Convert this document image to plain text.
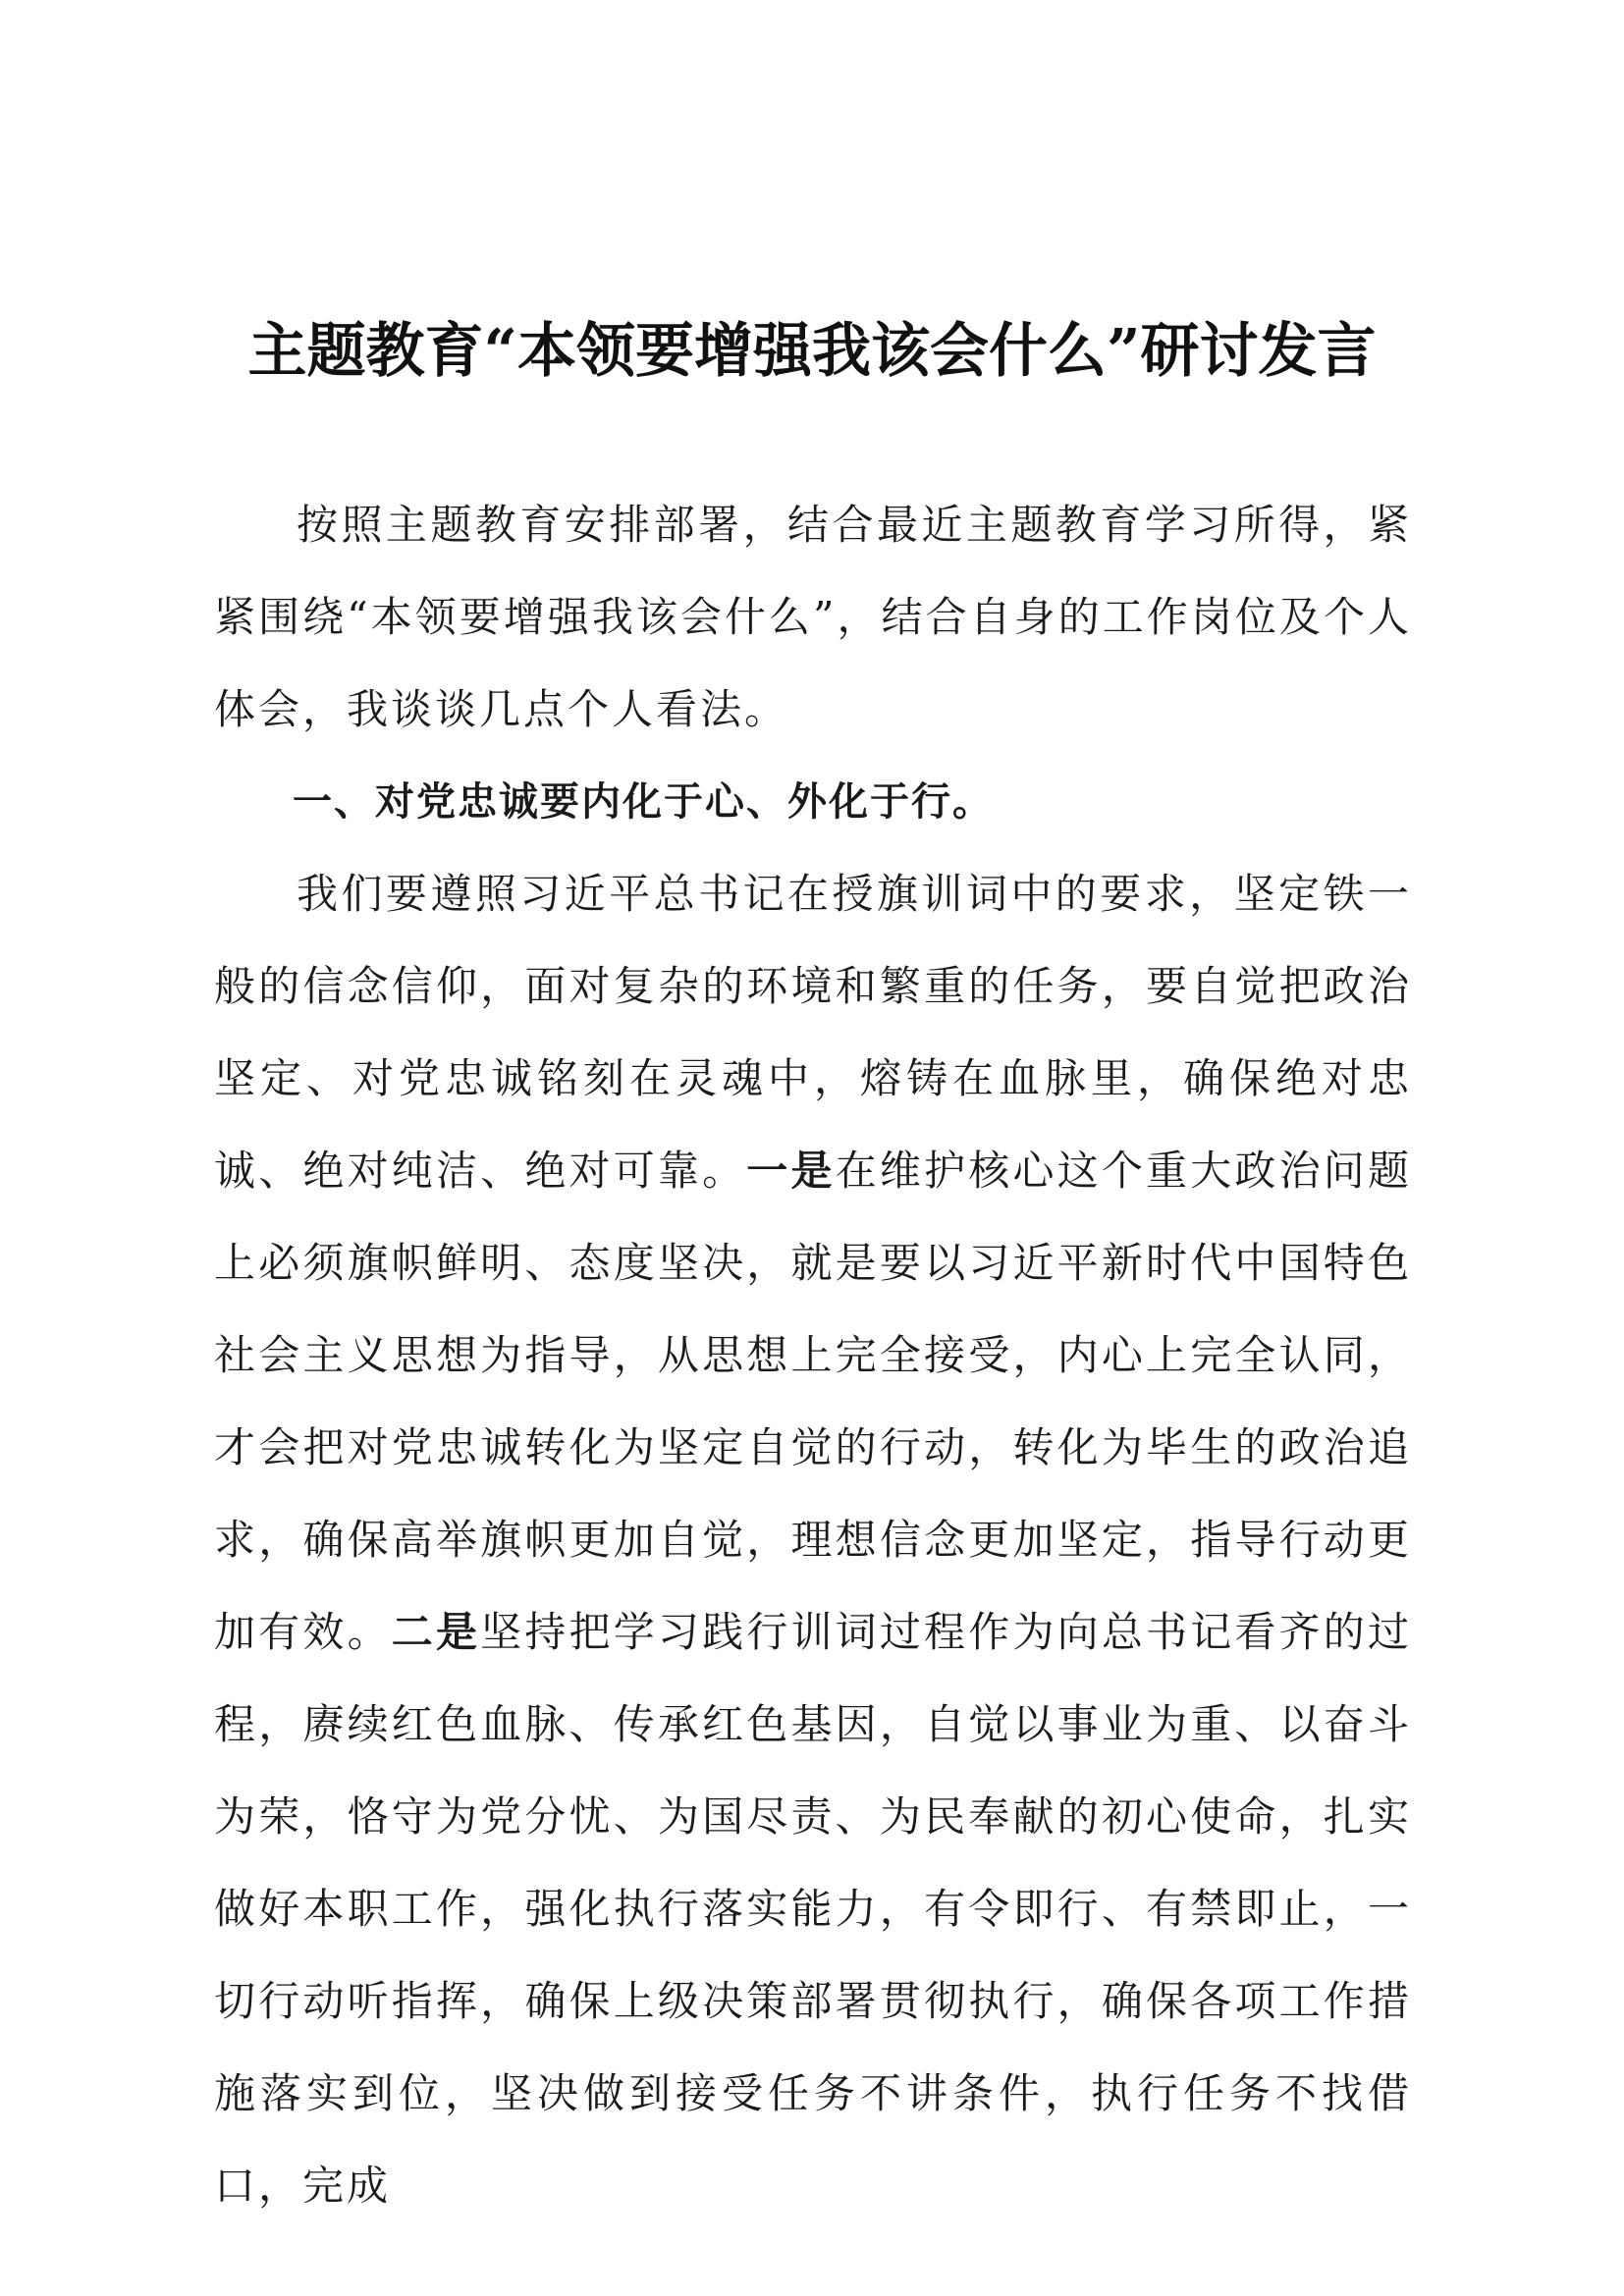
主题教育“本领要增强我该会什么”研讨发言

按照主题教育安排部署，结合最近主题教育学习所得，紧紧围绕“本领要增强我该会什么”，结合自身的工作岗位及个人体会，我谈谈几点个人看法。

一、对党忠诚要内化于心、外化于行。

我们要遵照习近平总书记在授旗训词中的要求，坚定铁一般的信念信仰，面对复杂的环境和繁重的任务，要自觉把政治坚定、对党忠诚铭刻在灵魂中，熔铸在血脉里，确保绝对忠诚、绝对纯洁、绝对可靠。一是在维护核心这个重大政治问题上必须旗帜鲜明、态度坚决，就是要以习近平新时代中国特色社会主义思想为指导，从思想上完全接受，内心上完全认同，才会把对党忠诚转化为坚定自觉的行动，转化为毕生的政治追求，确保高举旗帜更加自觉，理想信念更加坚定，指导行动更加有效。二是坚持把学习践行训词过程作为向总书记看齐的过程，赓续红色血脉、传承红色基因，自觉以事业为重、以奋斗为荣，恪守为党分忧、为国尽责、为民奉献的初心使命，扎实做好本职工作，强化执行落实能力，有令即行、有禁即止，一切行动听指挥，确保上级决策部署贯彻执行，确保各项工作措施落实到位，坚决做到接受任务不讲条件，执行任务不找借口，完成
